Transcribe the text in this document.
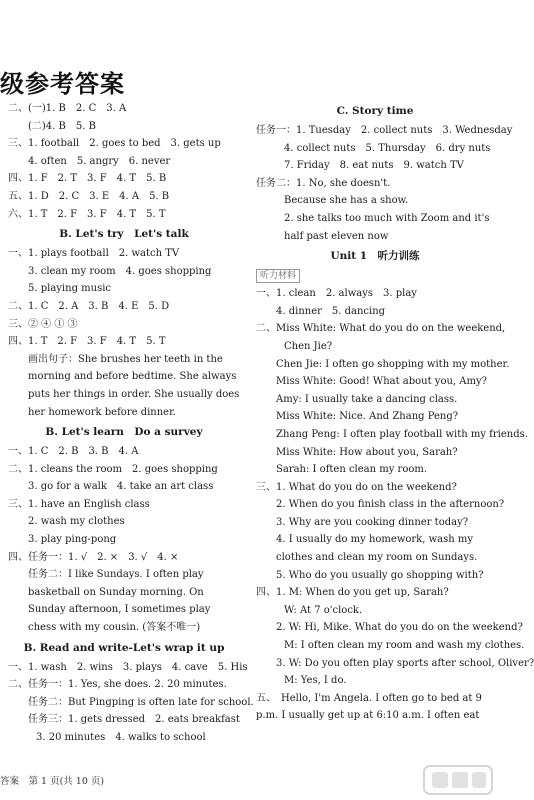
级参考答案
二、(一)1. B　2. C　3. A
(二)4. B　5. B
三、1. football　2. goes to bed　3. gets up
4. often　5. angry　6. never
四、1. F　2. T　3. F　4. T　5. B
五、1. D　2. C　3. E　4. A　5. B
六、1. T　2. F　3. F　4. T　5. T
B. Let's try　Let's talk
一、1. plays football　2. watch TV
3. clean my room　4. goes shopping
5. playing music
二、1. C　2. A　3. B　4. E　5. D
三、② ④ ① ③
四、1. T　2. F　3. F　4. T　5. T
画出句子：She brushes her teeth in the morning and before bedtime. She always puts her things in order. She usually does her homework before dinner.
B. Let's learn　Do a survey
一、1. C　2. B　3. B　4. A
二、1. cleans the room　2. goes shopping
3. go for a walk　4. take an art class
三、1. have an English class
2. wash my clothes
3. play ping-pong
四、任务一：1. √　2. ×　3. √　4. ×
任务二：I like Sundays. I often play basketball on Sunday morning. On Sunday afternoon, I sometimes play chess with my cousin. (答案不唯一)
B. Read and write-Let's wrap it up
一、1. wash　2. wins　3. plays　4. cave　5. His
二、任务一：1. Yes, she does. 2. 20 minutes.
任务二：But Pingping is often late for school.
任务三：1. gets dressed　2. eats breakfast
3. 20 minutes　4. walks to school
C. Story time
任务一：1. Tuesday　2. collect nuts　3. Wednesday
4. collect nuts　5. Thursday　6. dry nuts
7. Friday　8. eat nuts　9. watch TV
任务二：1. No, she doesn't.
Because she has a show.
2. she talks too much with Zoom and it's half past eleven now
Unit 1　听力训练
听力材料
一、1. clean　2. always　3. play
4. dinner　5. dancing
二、Miss White: What do you do on the weekend,
Chen Jie?
Chen Jie: I often go shopping with my mother.
Miss White: Good! What about you, Amy?
Amy: I usually take a dancing class.
Miss White: Nice. And Zhang Peng?
Zhang Peng: I often play football with my friends.
Miss White: How about you, Sarah?
Sarah: I often clean my room.
三、1. What do you do on the weekend?
2. When do you finish class in the afternoon?
3. Why are you cooking dinner today?
4. I usually do my homework, wash my clothes and clean my room on Sundays.
5. Who do you usually go shopping with?
四、1. M: When do you get up, Sarah?
W: At 7 o'clock.
2. W: Hi, Mike. What do you do on the weekend?
M: I often clean my room and wash my clothes.
3. W: Do you often play sports after school, Oliver?
M: Yes, I do.
五、　Hello, I'm Angela. I often go to bed at 9 p.m. I usually get up at 6:10 a.m. I often eat
答案　第 1 页(共 10 页)
